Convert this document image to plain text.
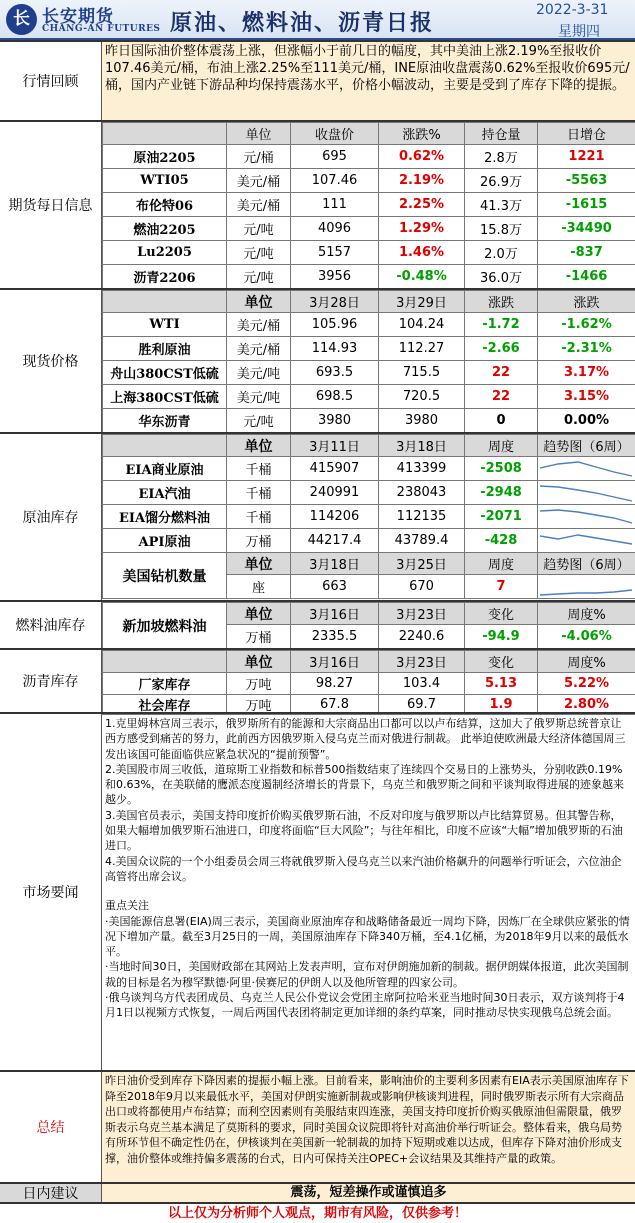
长 长安期货
CHANG-AN FUTURES 原油、燃料油、沥青日报
2022-3-31
星期四
行情回顾
昨日国际油价整体震荡上涨，但涨幅小于前几日的幅度，其中美油上涨2.19%至报收价107.46美元/桶，布油上涨2.25%至111美元/桶，INE原油收盘震荡0.62%至报收价695元/桶，国内产业链下游品种均保持震荡水平，价格小幅波动，主要是受到了库存下降的提振。
期货每日信息
	单位	收盘价	涨跌%	持仓量	日增仓
原油2205	元/桶	695	0.62%	2.8万	1221
WTI05	美元/桶	107.46	2.19%	26.9万	-5563
布伦特06	美元/桶	111	2.25%	41.3万	-1615
燃油2205	元/吨	4096	1.29%	15.8万	-34490
Lu2205	元/吨	5157	1.46%	2.0万	-837
沥青2206	元/吨	3956	-0.48%	36.0万	-1466
现货价格
	单位	3月28日	3月29日	涨跌	涨跌
WTI	美元/桶	105.96	104.24	-1.72	-1.62%
胜利原油	美元/桶	114.93	112.27	-2.66	-2.31%
舟山380CST低硫	美元/吨	693.5	715.5	22	3.17%
上海380CST低硫	美元/吨	698.5	720.5	22	3.15%
华东沥青	元/吨	3980	3980	0	0.00%
原油库存
	单位	3月11日	3月18日	周度	趋势图（6周）
EIA商业原油	千桶	415907	413399	-2508	

EIA汽油	千桶	240991	238043	-2948	

EIA馏分燃料油	千桶	114206	112135	-2071	

API原油	万桶	44217.4	43789.4	-428	

美国钻机数量	单位	3月18日	3月25日	周度	趋势图（6周）
	座	663	670	7	
燃料油库存	新加坡燃料油	单位	3月16日	3月23日	变化	周度%
	万桶	2335.5	2240.6	-94.9	-4.06%
沥青库存
	单位	3月16日	3月23日	变化	周度%
厂家库存	万吨	98.27	103.4	5.13	5.22%
社会库存	万吨	67.8	69.7	1.9	2.80%
市场要闻

1.克里姆林宫周三表示，俄罗斯所有的能源和大宗商品出口都可以以卢布结算，这加大了俄罗斯总统普京让西方感受到痛苦的努力，此前西方因俄罗斯入侵乌克兰而对俄进行制裁。 此举迫使欧洲最大经济体德国周三发出该国可能面临供应紧急状况的“提前预警”。

2.美国股市周三收低，道琼斯工业指数和标普500指数结束了连续四个交易日的上涨势头，分别收跌0.19%和0.63%，在美联储的鹰派态度遏制经济增长的背景下，乌克兰和俄罗斯之间和平谈判取得进展的迹象越来越少。

3.美国官员表示，美国支持印度折价购买俄罗斯石油，不反对印度与俄罗斯以卢比结算贸易。但其警告称，如果大幅增加俄罗斯石油进口，印度将面临“巨大风险”；与往年相比，印度不应该“大幅”增加俄罗斯的石油进口。

4.美国众议院的一个小组委员会周三将就俄罗斯入侵乌克兰以来汽油价格飙升的问题举行听证会，六位油企高管将出席会议。

重点关注

·美国能源信息署(EIA)周三表示，美国商业原油库存和战略储备最近一周均下降，因炼厂在全球供应紧张的情况下增加产量。截至3月25日的一周，美国原油库存下降340万桶，至4.1亿桶，为2018年9月以来的最低水平。

·当地时间30日，美国财政部在其网站上发表声明，宣布对伊朗施加新的制裁。据伊朗媒体报道，此次美国制裁的目标是名为穆罕默德·阿里·侯赛尼的伊朗人以及他所管理的四家公司。

·俄乌谈判乌方代表团成员、乌克兰人民公仆党议会党团主席阿拉哈米亚当地时间30日表示，双方谈判将于4月1日以视频方式恢复，一周后两国代表团将制定更加详细的条约草案，同时推动尽快实现俄乌总统会面。

总结
昨日油价受到库存下降因素的提振小幅上涨。目前看来，影响油价的主要利多因素有EIA表示美国原油库存下降至2018年9月以来最低水平，美国对伊朗实施新制裁或影响伊核谈判进程，同时俄罗斯表示所有大宗商品出口或将都使用卢布结算；而利空因素则有美服结束四连涨，美国支持印度折价购买俄原油但需限量，俄罗斯表示乌克兰基本满足了莫斯科的要求，同时美国众议院即将针对高油价举行听证会。整体看来，俄乌局势有所环节但不确定性仍在，伊核谈判在美国新一轮制裁的加持下短期或难以达成，但库存下降对油价形成支撑，油价整体或维持偏多震荡的台式，日内可保持关注OPEC+会议结果及其维持产量的政策。
日内建议	震荡，短差操作或谨慎追多
以上仅为分析师个人观点，期市有风险，仅供参考！
